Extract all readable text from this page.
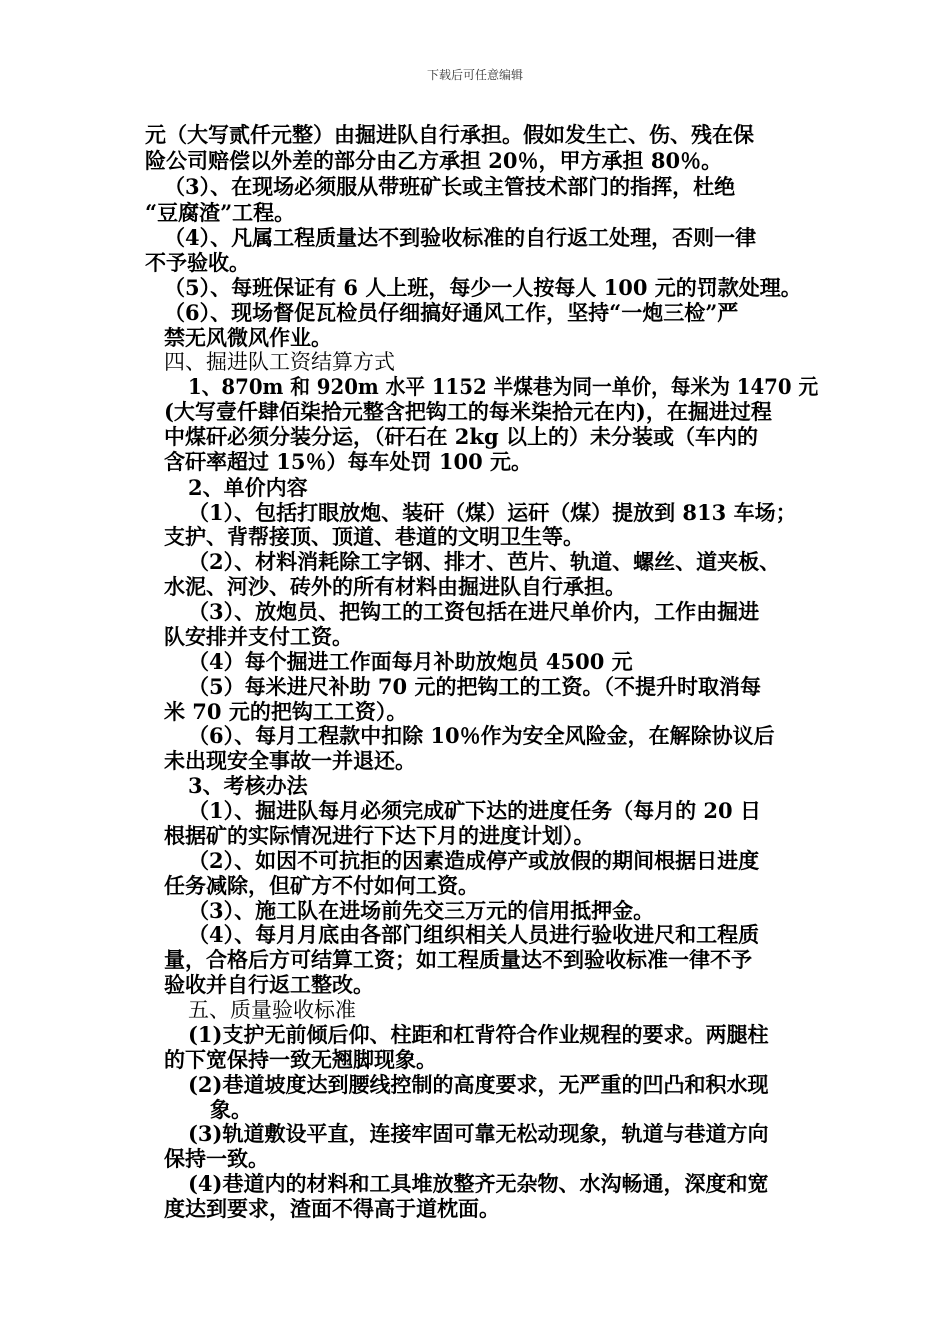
下载后可任意编辑
元（大写贰仟元整）由掘进队自行承担。假如发生亡、伤、残在保
险公司赔偿以外差的部分由乙方承担 20％，甲方承担 80％。
（3）、在现场必须服从带班矿长或主管技术部门的指挥，杜绝
“豆腐渣”工程。
（4）、凡属工程质量达不到验收标准的自行返工处理，否则一律
不予验收。
（5）、每班保证有 6 人上班，每少一人按每人 100 元的罚款处理。
（6）、现场督促瓦检员仔细搞好通风工作，坚持“一炮三检”严
禁无风微风作业。
四、掘进队工资结算方式
1、870m 和 920m 水平 1152 半煤巷为同一单价，每米为 1470 元
(大写壹仟肆佰柒拾元整含把钩工的每米柒拾元在内)，在掘进过程
中煤矸必须分装分运，（矸石在 2kg 以上的）未分装或（车内的
含矸率超过 15％）每车处罚 100 元。
2、单价内容
（1）、包括打眼放炮、装矸（煤）运矸（煤）提放到 813 车场；
支护、背帮接顶、顶道、巷道的文明卫生等。
（2）、材料消耗除工字钢、排才、芭片、轨道、螺丝、道夹板、
水泥、河沙、砖外的所有材料由掘进队自行承担。
（3）、放炮员、把钩工的工资包括在进尺单价内，工作由掘进
队安排并支付工资。
（4）每个掘进工作面每月补助放炮员 4500 元
（5）每米进尺补助 70 元的把钩工的工资。（不提升时取消每
米 70 元的把钩工工资）。
（6）、每月工程款中扣除 10％作为安全风险金，在解除协议后
未出现安全事故一并退还。
3、考核办法
（1）、掘进队每月必须完成矿下达的进度任务（每月的 20 日
根据矿的实际情况进行下达下月的进度计划）。
（2）、如因不可抗拒的因素造成停产或放假的期间根据日进度
任务减除，但矿方不付如何工资。
（3）、施工队在进场前先交三万元的信用抵押金。
（4）、每月月底由各部门组织相关人员进行验收进尺和工程质
量，合格后方可结算工资；如工程质量达不到验收标准一律不予
验收并自行返工整改。
五、质量验收标准
(1)支护无前倾后仰、柱距和杠背符合作业规程的要求。两腿柱
的下宽保持一致无翘脚现象。
(2)巷道坡度达到腰线控制的高度要求，无严重的凹凸和积水现
象。
(3)轨道敷设平直，连接牢固可靠无松动现象，轨道与巷道方向
保持一致。
(4)巷道内的材料和工具堆放整齐无杂物、水沟畅通，深度和宽
度达到要求，渣面不得高于道枕面。
